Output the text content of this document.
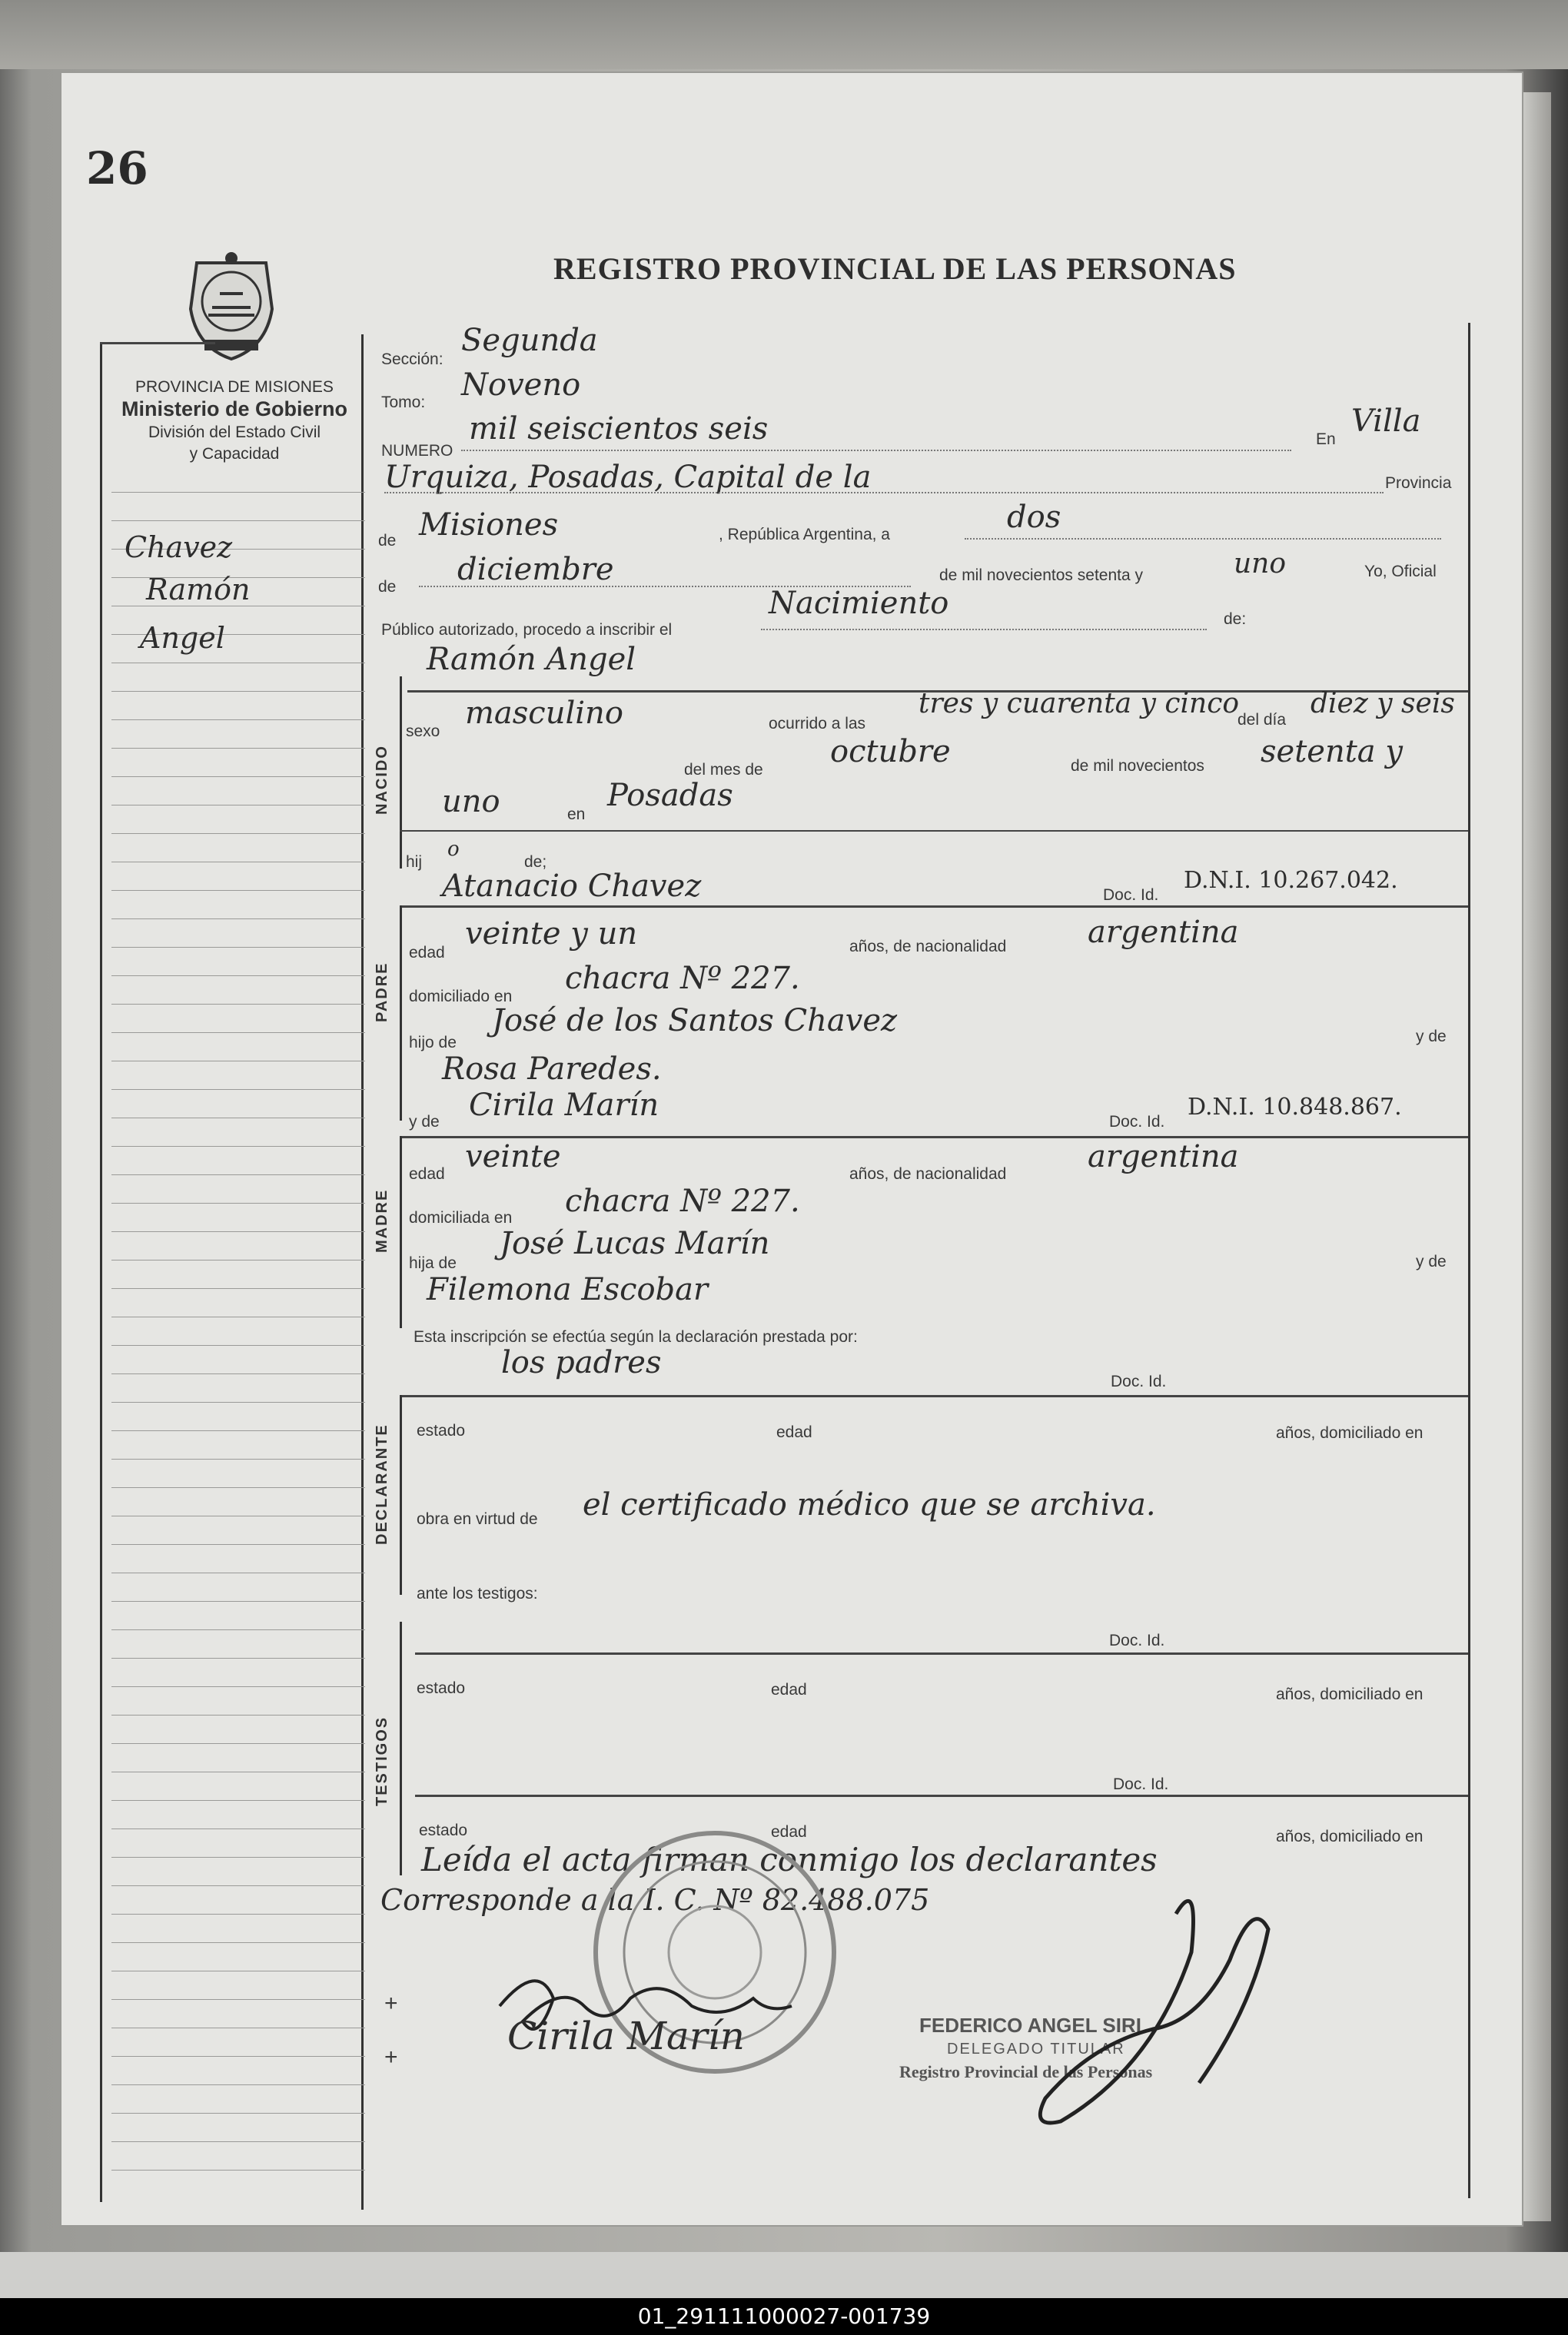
26
REGISTRO PROVINCIAL DE LAS PERSONAS
PROVINCIA DE MISIONES
Ministerio de Gobierno
División del Estado Civil
y Capacidad
Chavez
Ramón
Angel
Sección:
Segunda
Tomo: Noveno
NUMERO
mil seiscientos seis	En
Villa
Urquiza, Posadas, Capital de la	Provincia
de Misiones	, República Argentina, a	dos
de diciembre	de mil novecientos setenta y	uno	Yo, Oficial
Público autorizado, procedo a inscribir el
Nacimiento	de:
Ramón Angel
NACIDO
sexo
masculino	ocurrido a las
tres y cuarenta y cinco
del día
diez y seis
del mes de
octubre	de mil novecientos setenta y
uno	en
Posadas
hij
o
de;
Atanacio Chavez	Doc. Id.
D.N.I. 10.267.042.
PADRE
edad
veinte y un	años, de nacionalidad	argentina
domiciliado en
chacra Nº 227.
hijo de
José de los Santos Chavez	y de
Rosa Paredes.
y de Cirila Marín	Doc. Id.
D.N.I. 10.848.867.
MADRE
edad veinte	años, de nacionalidad	argentina
domiciliada en chacra Nº 227.
hija de
José Lucas Marín
y de
Filemona Escobar
Esta inscripción se efectúa según la declaración prestada por:
los padres
Doc. Id.
DECLARANTE estado	edad	años, domiciliado en
obra en virtud de el certificado médico que se archiva.
ante los testigos:
TESTIGOS
Doc. Id.
estado	edad	años, domiciliado en
Doc. Id.
estado	edad	años, domiciliado en
Leída el acta firman conmigo los declarantes
Corresponde a la I. C. Nº 82.488.075
Cirila Marín
+
+
FEDERICO ANGEL SIRI
DELEGADO TITULAR
Registro Provincial de las Personas
01_291111000027-001739
